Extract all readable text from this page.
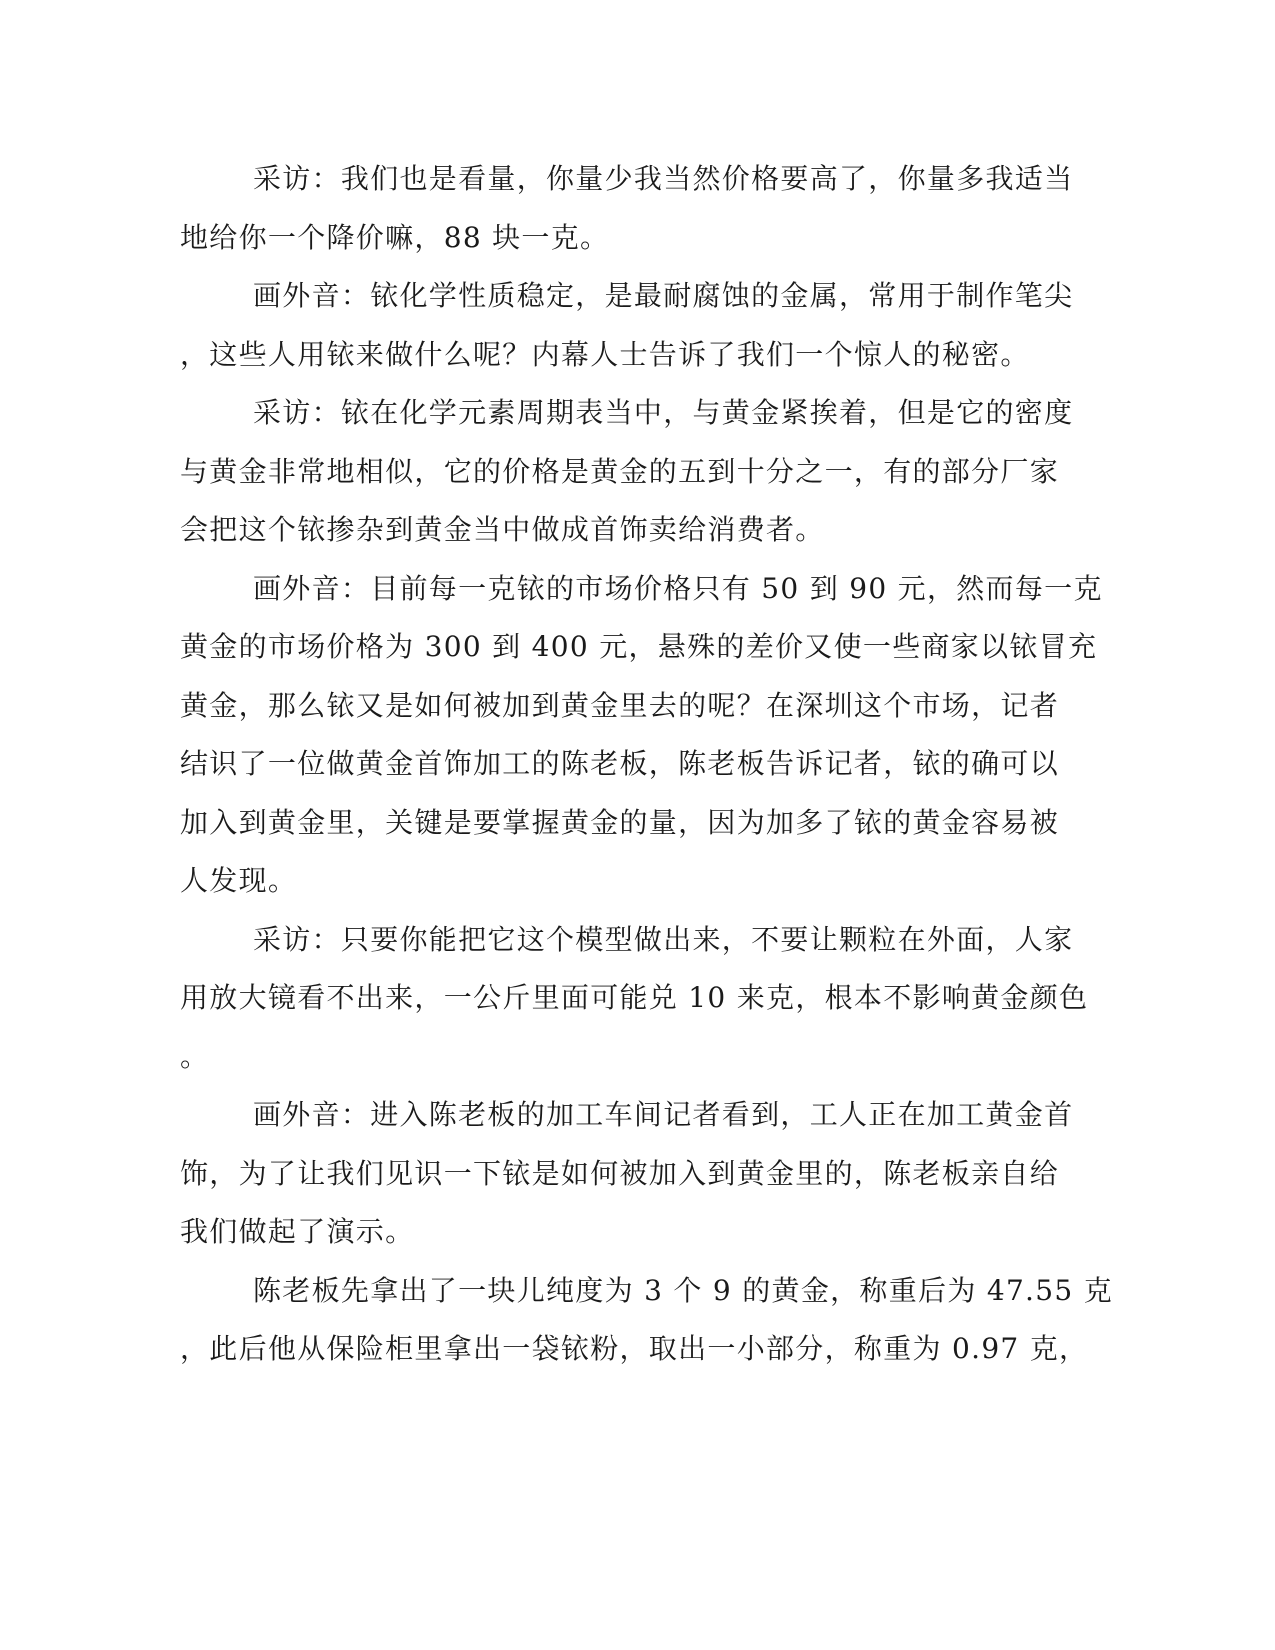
采访：我们也是看量，你量少我当然价格要高了，你量多我适当
地给你一个降价嘛，88 块一克。

画外音：铱化学性质稳定，是最耐腐蚀的金属，常用于制作笔尖
，这些人用铱来做什么呢？内幕人士告诉了我们一个惊人的秘密。

采访：铱在化学元素周期表当中，与黄金紧挨着，但是它的密度
与黄金非常地相似，它的价格是黄金的五到十分之一，有的部分厂家
会把这个铱掺杂到黄金当中做成首饰卖给消费者。

画外音：目前每一克铱的市场价格只有 50 到 90 元，然而每一克
黄金的市场价格为 300 到 400 元，悬殊的差价又使一些商家以铱冒充
黄金，那么铱又是如何被加到黄金里去的呢？在深圳这个市场，记者
结识了一位做黄金首饰加工的陈老板，陈老板告诉记者，铱的确可以
加入到黄金里，关键是要掌握黄金的量，因为加多了铱的黄金容易被
人发现。

采访：只要你能把它这个模型做出来，不要让颗粒在外面，人家
用放大镜看不出来，一公斤里面可能兑 10 来克，根本不影响黄金颜色
。

画外音：进入陈老板的加工车间记者看到，工人正在加工黄金首
饰，为了让我们见识一下铱是如何被加入到黄金里的，陈老板亲自给
我们做起了演示。

陈老板先拿出了一块儿纯度为 3 个 9 的黄金，称重后为 47.55 克
，此后他从保险柜里拿出一袋铱粉，取出一小部分，称重为 0.97 克，
